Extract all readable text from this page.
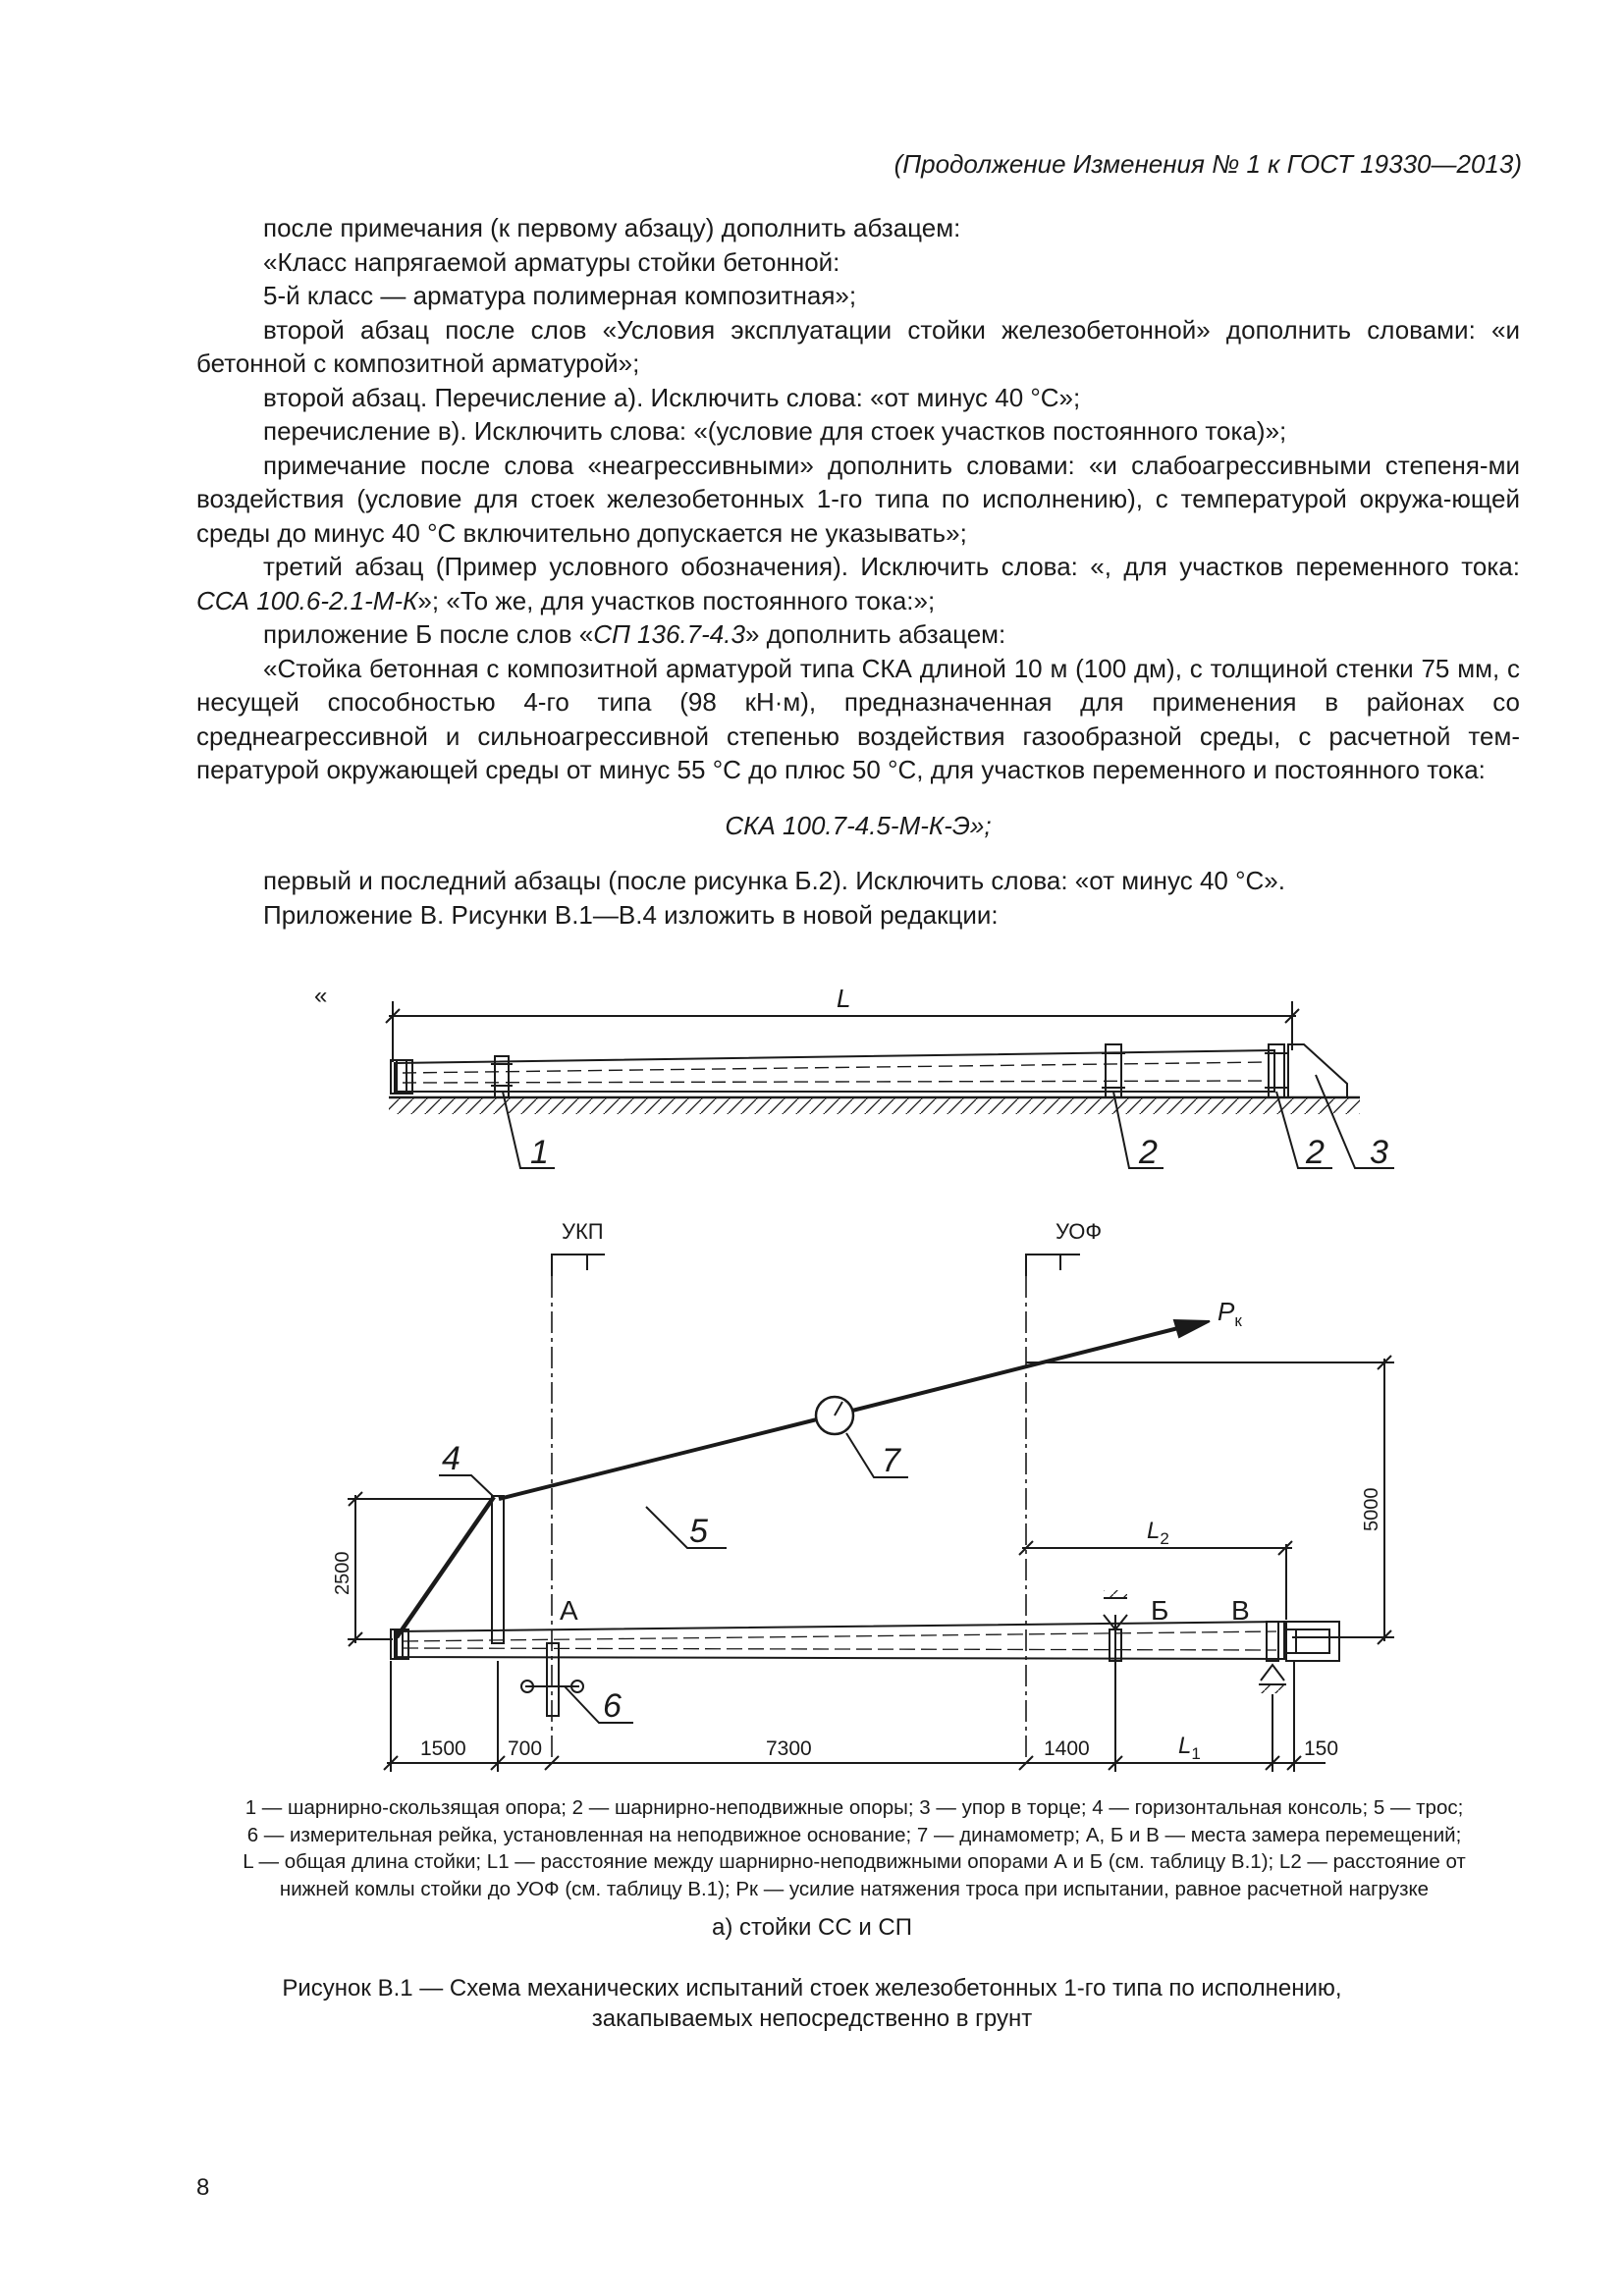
(Продолжение Изменения № 1 к ГОСТ 19330—2013)

после примечания (к первому абзацу) дополнить абзацем:

«Класс напрягаемой арматуры стойки бетонной:

5-й класс — арматура полимерная композитная»;

второй абзац после слов «Условия эксплуатации стойки железобетонной» дополнить словами: «и бетонной с композитной арматурой»;

второй абзац. Перечисление а). Исключить слова: «от минус 40 °С»;

перечисление в). Исключить слова: «(условие для стоек участков постоянного тока)»;

примечание после слова «неагрессивными» дополнить словами: «и слабоагрессивными степеня-ми воздействия (условие для стоек железобетонных 1-го типа по исполнению), с температурой окружа-ющей среды до минус 40 °С включительно допускается не указывать»;

третий абзац (Пример условного обозначения). Исключить слова: «, для участков переменного тока: ССА 100.6-2.1-М-К»; «То же, для участков постоянного тока:»;

приложение Б после слов «СП 136.7-4.3» дополнить абзацем:

«Стойка бетонная с композитной арматурой типа СКА длиной 10 м (100 дм), с толщиной стенки 75 мм, с несущей способностью 4-го типа (98 кН·м), предназначенная для применения в районах со среднеагрессивной и сильноагрессивной степенью воздействия газообразной среды, с расчетной тем-пературой окружающей среды от минус 55 °С до плюс 50 °С, для участков переменного и постоянного тока:

СКА 100.7-4.5-М-К-Э»;

первый и последний абзацы (после рисунка Б.2). Исключить слова: «от минус 40 °С».

Приложение В. Рисунки В.1—В.4 изложить в новой редакции:

«	L
1	2	2 3
УКП	УОФ
$P_к$
А	Б В
4
5
6
7
5000
2500
$L_2$
1500 700	7300	1400	$L_1$	150
1 — шарнирно-скользящая опора; 2 — шарнирно-неподвижные опоры; 3 — упор в торце; 4 — горизонтальная консоль; 5 — трос;
6 — измерительная рейка, установленная на неподвижное основание; 7 — динамометр; А, Б и В — места замера перемещений;
L — общая длина стойки; L1 — расстояние между шарнирно-неподвижными опорами А и Б (см. таблицу В.1); L2 — расстояние от
нижней комлы стойки до УОФ (см. таблицу В.1); Pк — усилие натяжения троса при испытании, равное расчетной нагрузке
а) стойки СС и СП
Рисунок В.1 — Схема механических испытаний стоек железобетонных 1-го типа по исполнению,
закапываемых непосредственно в грунт
8
